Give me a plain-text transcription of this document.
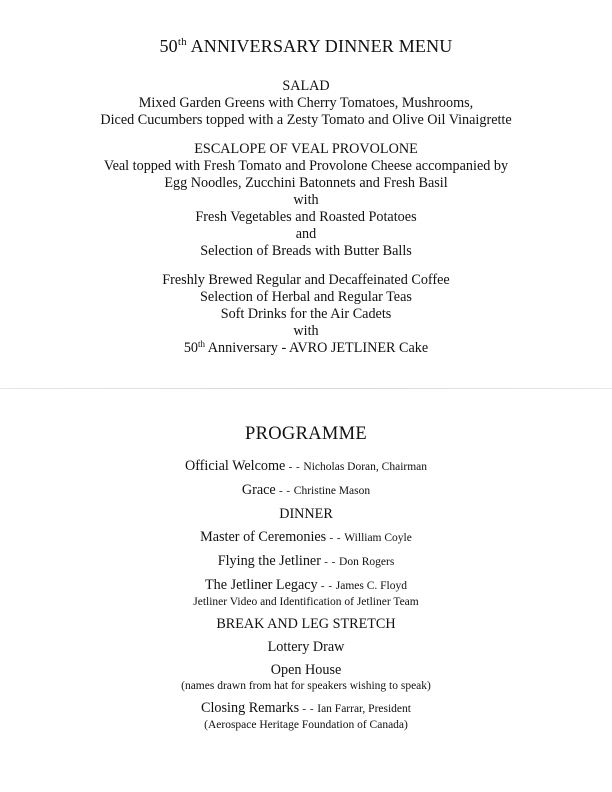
50th ANNIVERSARY DINNER MENU
SALAD
Mixed Garden Greens with Cherry Tomatoes, Mushrooms,
Diced Cucumbers topped with a Zesty Tomato and Olive Oil Vinaigrette
ESCALOPE OF VEAL PROVOLONE
Veal topped with Fresh Tomato and Provolone Cheese accompanied by
Egg Noodles, Zucchini Batonnets and Fresh Basil
with
Fresh Vegetables and Roasted Potatoes
and
Selection of Breads with Butter Balls
Freshly Brewed Regular and Decaffeinated Coffee
Selection of Herbal and Regular Teas
Soft Drinks for the Air Cadets
with
50th Anniversary - AVRO JETLINER Cake
PROGRAMME
Official Welcome - - Nicholas Doran, Chairman
Grace - - Christine Mason
DINNER
Master of Ceremonies - - William Coyle
Flying the Jetliner - - Don Rogers
The Jetliner Legacy - - James C. Floyd
Jetliner Video and Identification of Jetliner Team
BREAK AND LEG STRETCH
Lottery Draw
Open House
(names drawn from hat for speakers wishing to speak)
Closing Remarks - - Ian Farrar, President
(Aerospace Heritage Foundation of Canada)
